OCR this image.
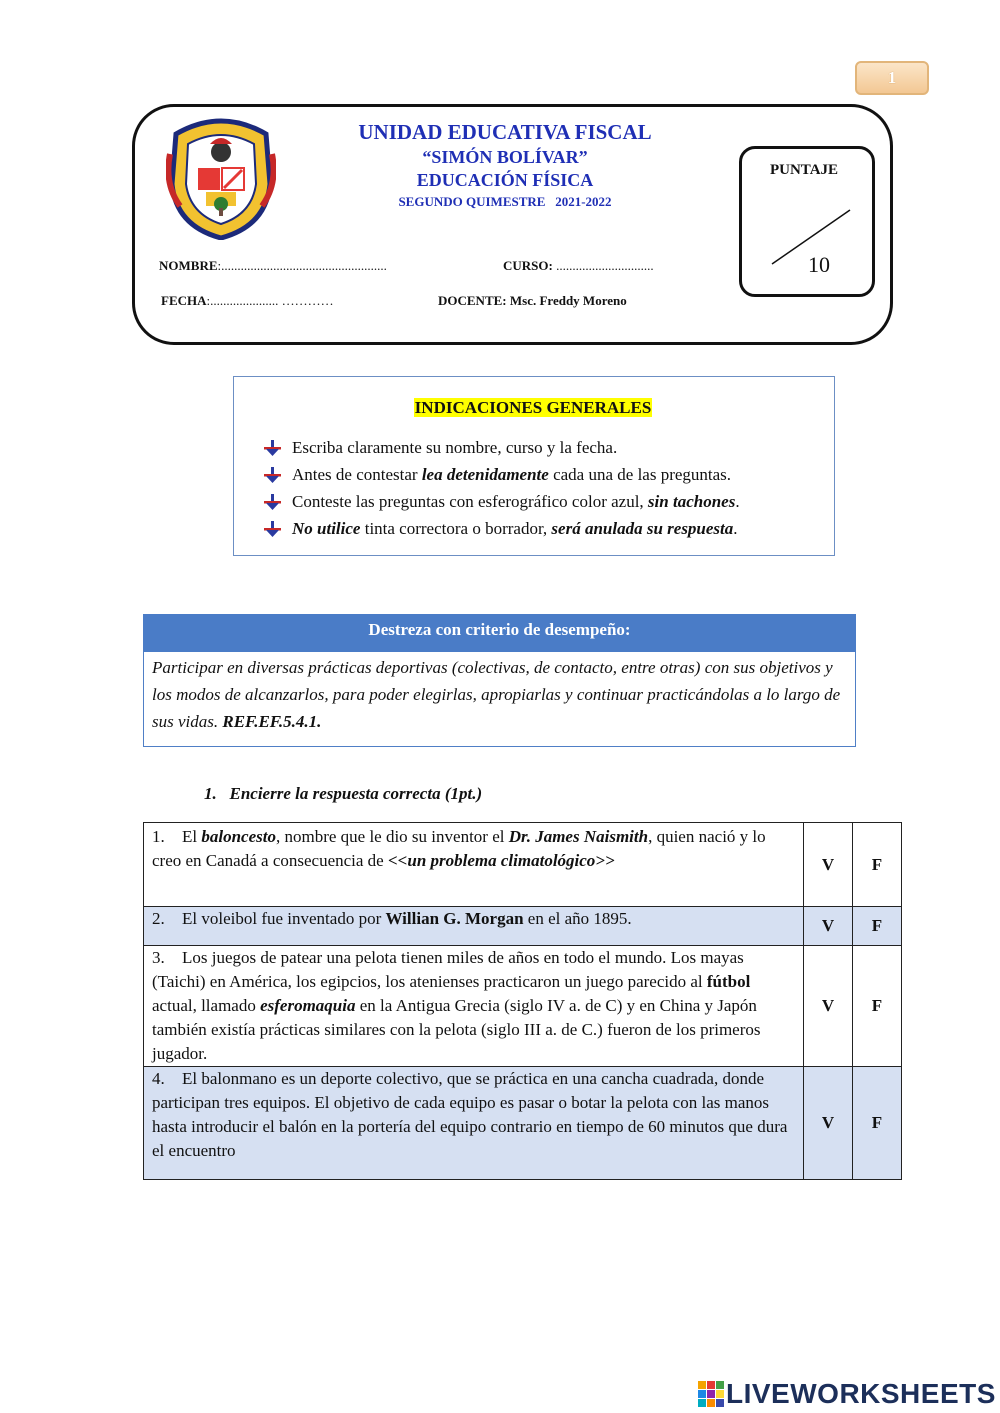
1
UNIDAD EDUCATIVA FISCAL
“SIMÓN BOLÍVAR”
EDUCACIÓN FÍSICA
SEGUNDO QUIMESTRE   2021-2022
NOMBRE:...................................................	CURSO: ..............................
FECHA:..................... …………	DOCENTE: Msc. Freddy Moreno
PUNTAJE
10
INDICACIONES GENERALES
Escriba claramente su nombre, curso y la fecha.
Antes de contestar lea detenidamente cada una de las preguntas.
Conteste las preguntas con esferográfico color azul, sin tachones.
No utilice tinta correctora o borrador, será anulada su respuesta.
Destreza con criterio de desempeño:
Participar en diversas prácticas deportivas (colectivas, de contacto, entre otras) con sus objetivos y los modos de alcanzarlos, para poder elegirlas, apropiarlas y continuar practicándolas a lo largo de sus vidas. REF.EF.5.4.1.
1.   Encierre la respuesta correcta (1pt.)
1. El baloncesto, nombre que le dio su inventor el Dr. James Naismith, quien nació y lo creo en Canadá a consecuencia de <<un problema climatológico>>	V	F
2. El voleibol fue inventado por Willian G. Morgan en el año 1895.	V	F
3. Los juegos de patear una pelota tienen miles de años en todo el mundo. Los mayas (Taichi) en América, los egipcios, los atenienses practicaron un juego parecido al fútbol actual, llamado esferomaquia en la Antigua Grecia (siglo IV a. de C) y en China y Japón también existía prácticas similares con la pelota (siglo III a. de C.) fueron de los primeros jugador.	V	F
4. El balonmano es un deporte colectivo, que se práctica en una cancha cuadrada, donde participan tres equipos. El objetivo de cada equipo es pasar o botar la pelota con las manos hasta introducir el balón en la portería del equipo contrario en tiempo de 60 minutos que dura el encuentro	V	F
LIVEWORKSHEETS
